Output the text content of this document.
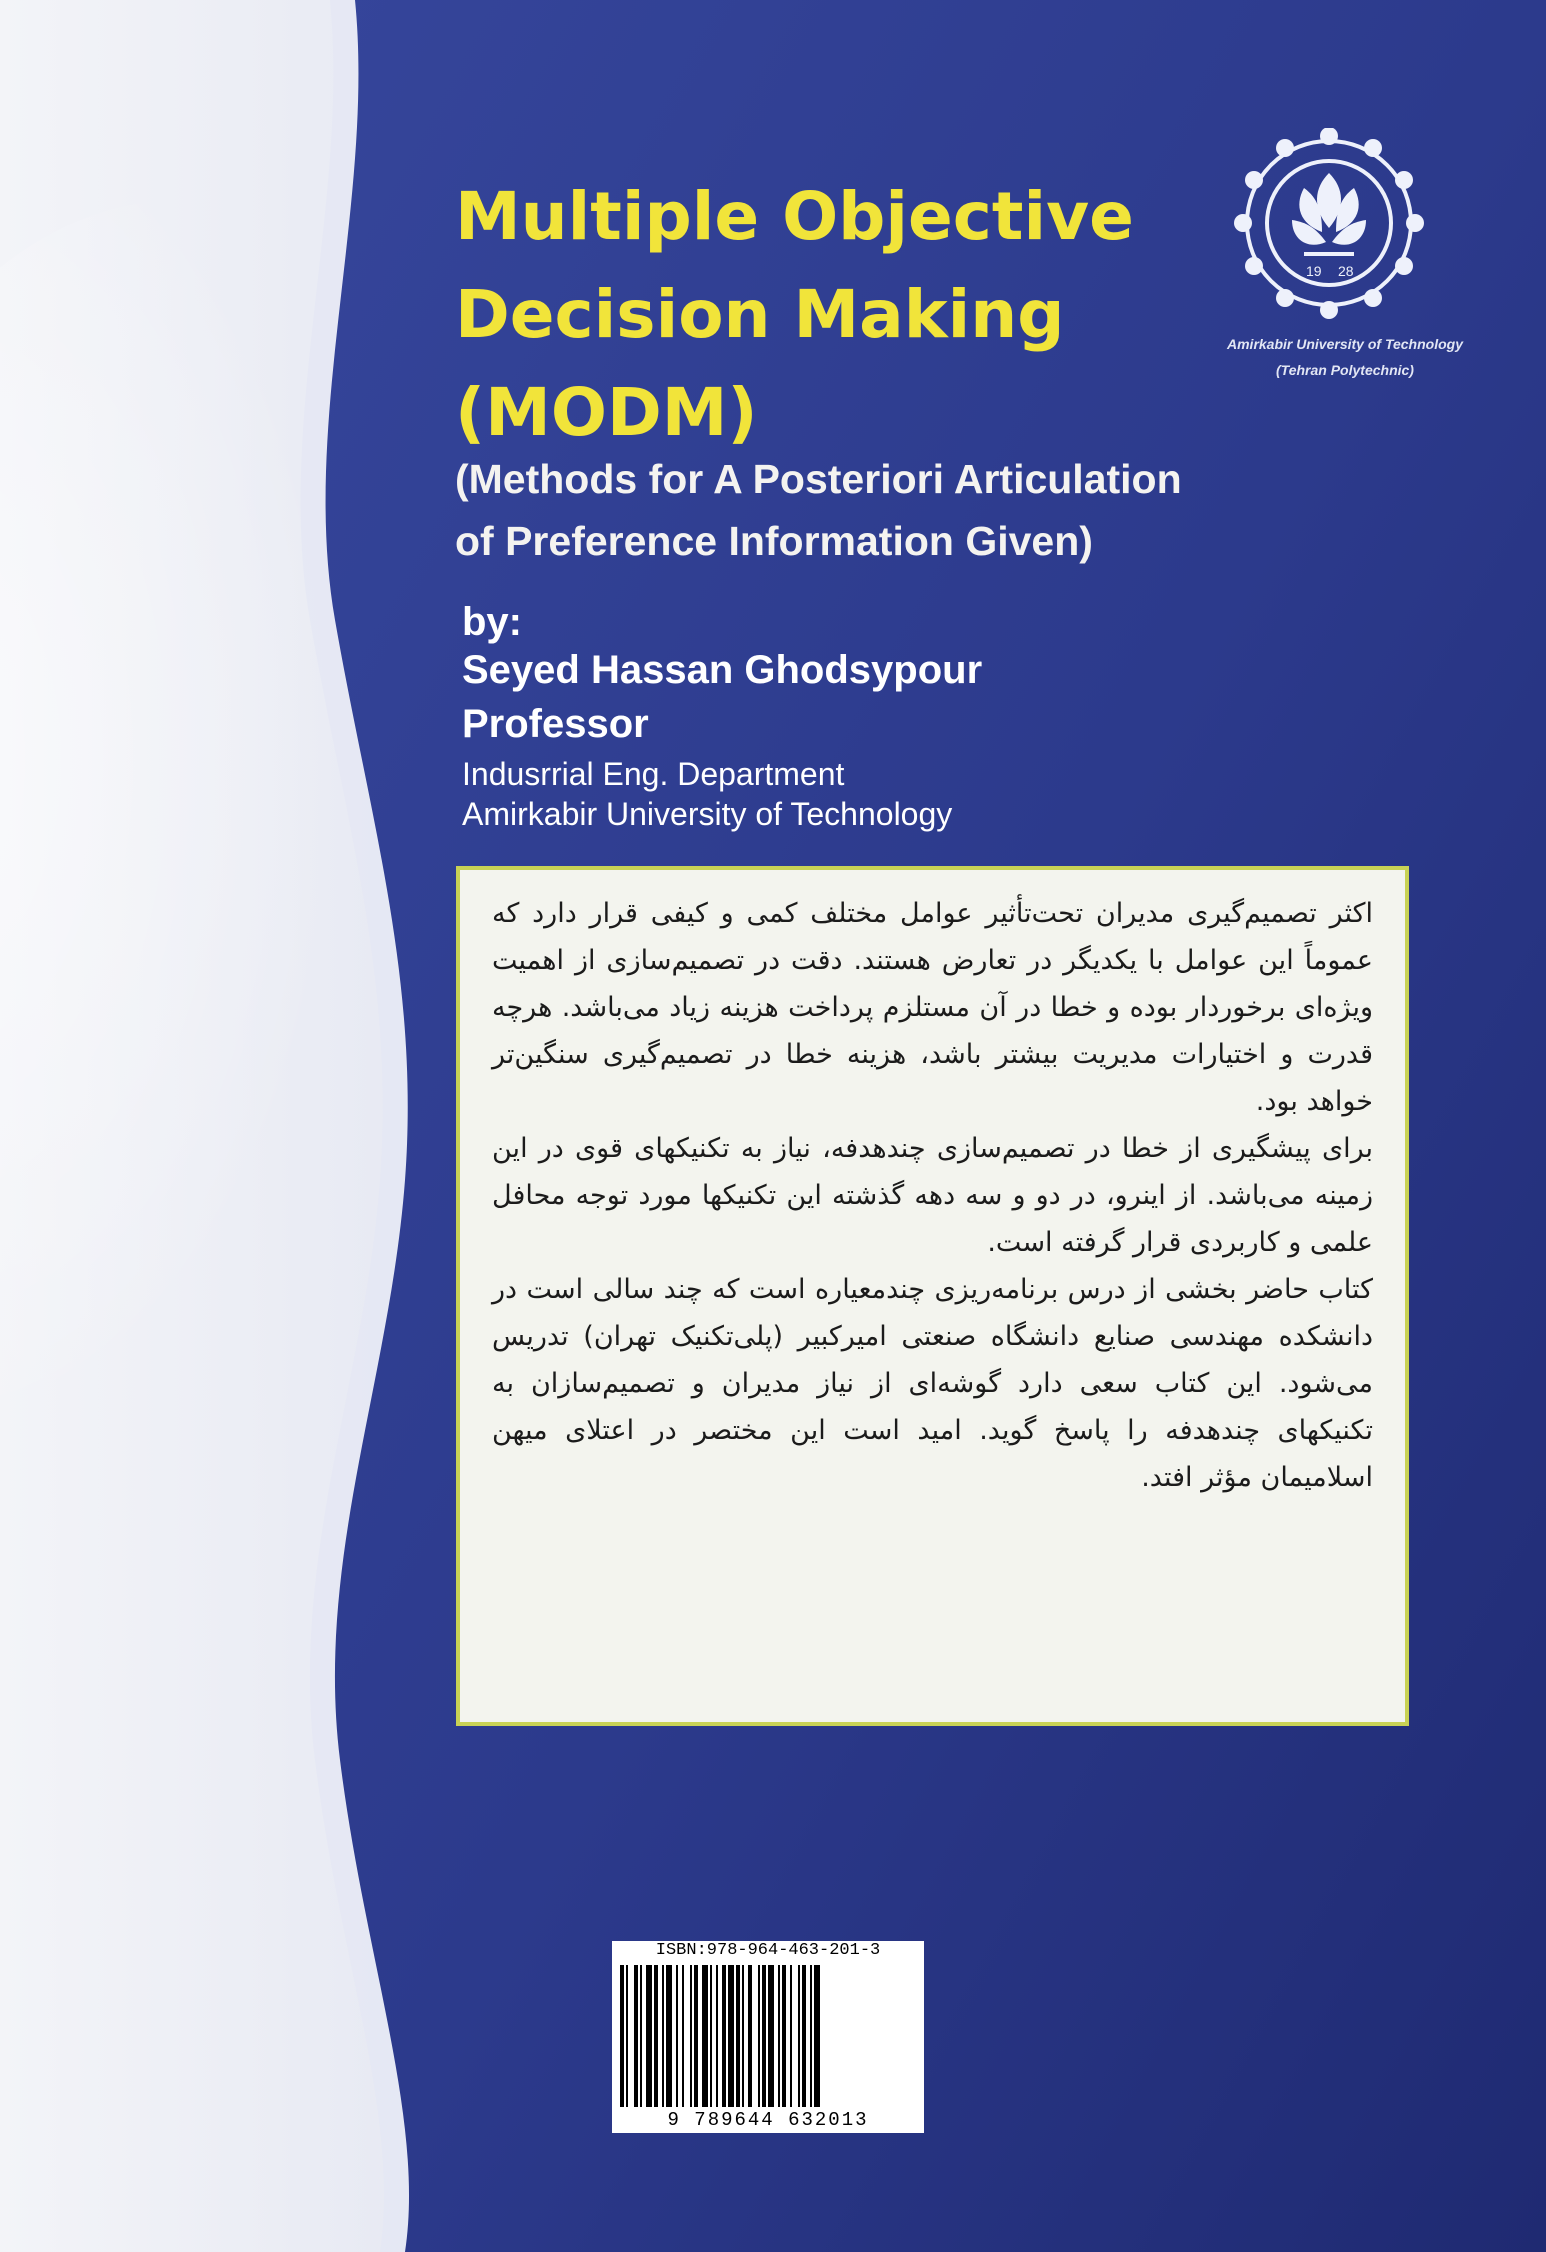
19 28

Amirkabir University of Technology

(Tehran Polytechnic)

Multiple Objective
Decision Making
(MODM)
(Methods for A Posteriori Articulation
of Preference Information Given)

by:

Seyed Hassan Ghodsypour

Professor

Indusrrial Eng. Department

Amirkabir University of Technology

اکثر تصمیم‌گیری مدیران تحت‌تأثیر عوامل مختلف کمی و کیفی قرار دارد که عموماً این عوامل با یکدیگر در تعارض هستند. دقت در تصمیم‌سازی از اهمیت ویژه‌ای برخوردار بوده و خطا در آن مستلزم پرداخت هزینه زیاد می‌باشد. هرچه قدرت و اختیارات مدیریت بیشتر باشد، هزینه خطا در تصمیم‌گیری سنگین‌تر خواهد بود.

برای پیشگیری از خطا در تصمیم‌سازی چندهدفه، نیاز به تکنیکهای قوی در این زمینه می‌باشد. از اینرو، در دو و سه دهه گذشته این تکنیکها مورد توجه محافل علمی و کاربردی قرار گرفته است.

کتاب حاضر بخشی از درس برنامه‌ریزی چندمعیاره است که چند سالی است در دانشکده مهندسی صنایع دانشگاه صنعتی امیرکبیر (پلی‌تکنیک تهران) تدریس می‌شود. این کتاب سعی دارد گوشه‌ای از نیاز مدیران و تصمیم‌سازان به تکنیکهای چندهدفه را پاسخ گوید. امید است این مختصر در اعتلای میهن اسلامیمان مؤثر افتد.

ISBN:978-964-463-201-3
9 789644 632013
